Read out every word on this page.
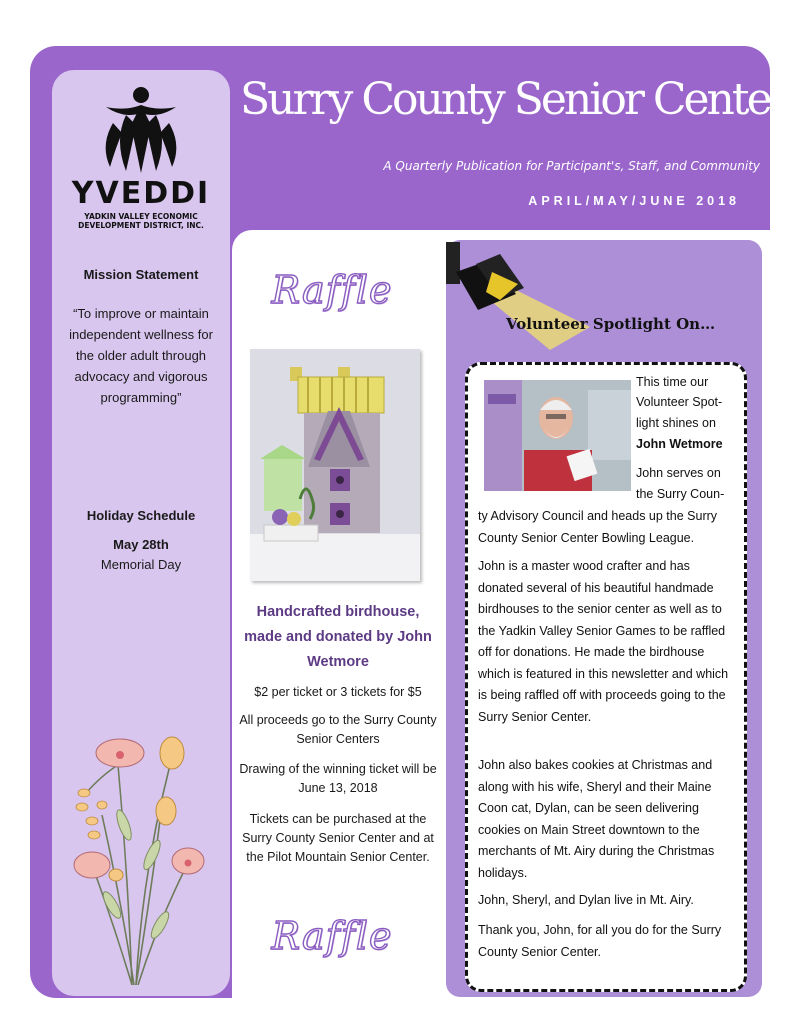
YVEDDI
YADKIN VALLEY ECONOMIC
DEVELOPMENT DISTRICT, INC.
Mission Statement
“To improve or maintain independent wellness for the older adult through advocacy and vigorous programming”
Holiday Schedule
May 28th
Memorial Day
Surry County Senior Center
A Quarterly Publication for Participant's, Staff, and Community
APRIL/MAY/JUNE 2018
Raffle
Handcrafted birdhouse, made and donated by John Wetmore
$2 per ticket or 3 tickets for $5
All proceeds go to the Surry County Senior Centers
Drawing of the winning ticket will be June 13, 2018
Tickets can be purchased at the Surry County Senior Center and at the Pilot Mountain Senior Center.
Raffle
Volunteer Spotlight On…
This time our
Volunteer Spot-
light shines on
John Wetmore
John serves on
the Surry Coun-
ty Advisory Council and heads up the Surry County Senior Center Bowling League.
John is a master wood crafter and has donated several of his beautiful handmade birdhouses to the senior center as well as to the Yadkin Valley Senior Games to be raffled off for donations. He made the birdhouse which is featured in this newsletter and which is being raffled off with proceeds going to the Surry Senior Center.
John also bakes cookies at Christmas and along with his wife, Sheryl and their Maine Coon cat, Dylan, can be seen delivering cookies on Main Street downtown to the merchants of Mt. Airy during the Christmas holidays.
John, Sheryl, and Dylan live in Mt. Airy.
Thank you, John, for all you do for the Surry County Senior Center.
